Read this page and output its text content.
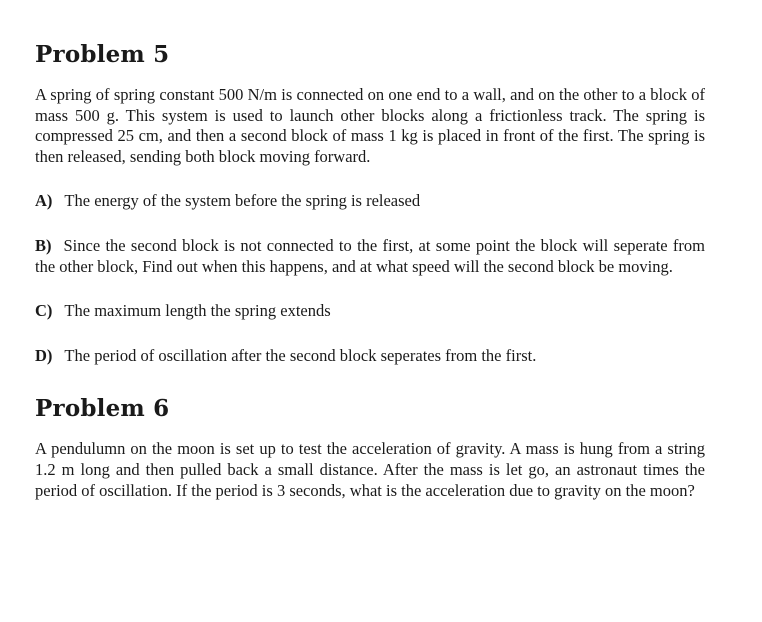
Problem 5

A spring of spring constant 500 N/m is connected on one end to a wall, and on the other to a block of mass 500 g. This system is used to launch other blocks along a frictionless track. The spring is compressed 25 cm, and then a second block of mass 1 kg is placed in front of the first. The spring is then released, sending both block moving forward.

A) The energy of the system before the spring is released
B) Since the second block is not connected to the first, at some point the block will seperate from the other block, Find out when this happens, and at what speed will the second block be moving.
C) The maximum length the spring extends
D) The period of oscillation after the second block seperates from the first.
Problem 6

A pendulumn on the moon is set up to test the acceleration of gravity. A mass is hung from a string 1.2 m long and then pulled back a small distance. After the mass is let go, an astronaut times the period of oscillation. If the period is 3 seconds, what is the acceleration due to gravity on the moon?
